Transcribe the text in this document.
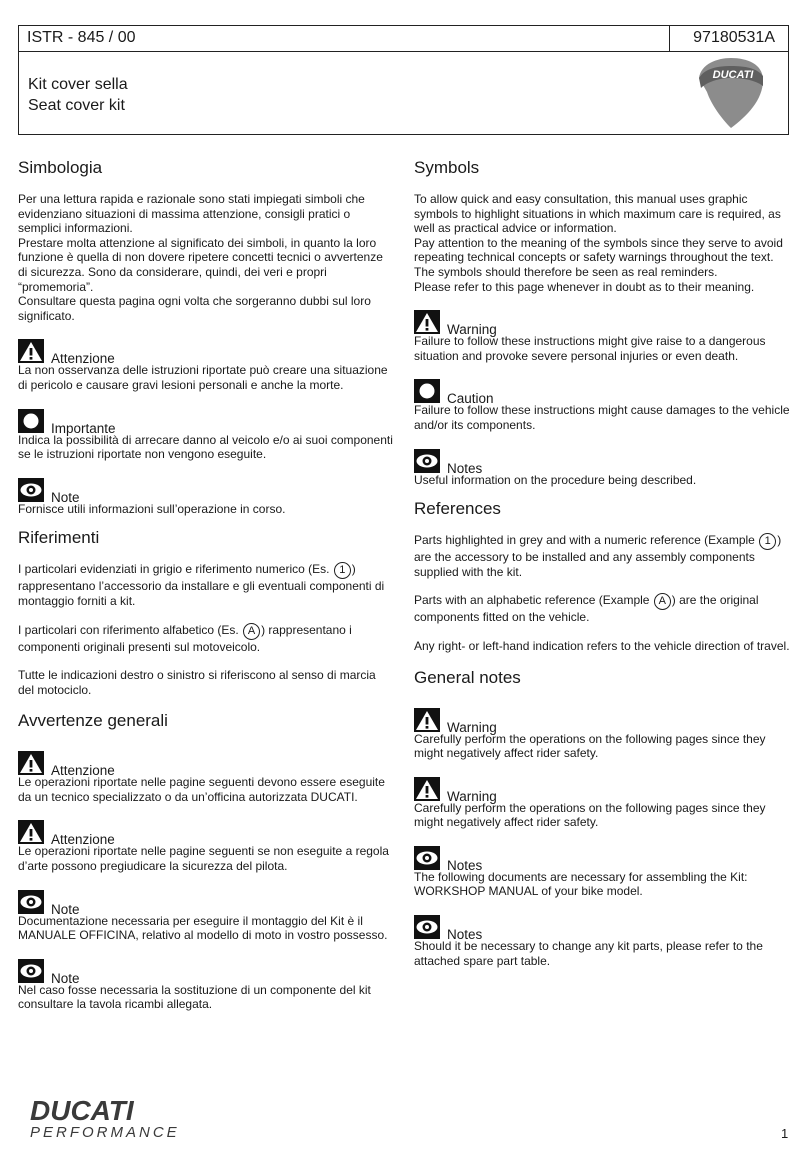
ISTR - 845 / 00	97180531A
Kit cover sella
Seat cover kit
DUCATI
Simbologia

Per una lettura rapida e razionale sono stati impiegati simboli che evidenziano situazioni di massima attenzione, consigli pratici o semplici informazioni.

Prestare molta attenzione al significato dei simboli, in quanto la loro funzione è quella di non dovere ripetere concetti tecnici o avvertenze di sicurezza. Sono da considerare, quindi, dei veri e propri “promemoria”.

Consultare questa pagina ogni volta che sorgeranno dubbi sul loro significato.

Attenzione

La non osservanza delle istruzioni riportate può creare una situazione di pericolo e causare gravi lesioni personali e anche la morte.

Importante

Indica la possibilità di arrecare danno al veicolo e/o ai suoi componenti se le istruzioni riportate non vengono eseguite.

Note

Fornisce utili informazioni sull’operazione in corso.

Riferimenti

I particolari evidenziati in grigio e riferimento numerico (Es. 1 ) rappresentano l’accessorio da installare e gli eventuali componenti di montaggio forniti a kit.

I particolari con riferimento alfabetico (Es. A ) rappresentano i componenti originali presenti sul motoveicolo.

Tutte le indicazioni destro o sinistro si riferiscono al senso di marcia del motociclo.

Avvertenze generali
Attenzione

Le operazioni riportate nelle pagine seguenti devono essere eseguite da un tecnico specializzato o da un’officina autorizzata DUCATI.

Attenzione

Le operazioni riportate nelle pagine seguenti se non eseguite a regola d’arte possono pregiudicare la sicurezza del pilota.

Note

Documentazione necessaria per eseguire il montaggio del Kit è il MANUALE OFFICINA, relativo al modello di moto in vostro possesso.

Note

Nel caso fosse necessaria la sostituzione di un componente del kit consultare la tavola ricambi allegata.

Symbols

To allow quick and easy consultation, this manual uses graphic symbols to highlight situations in which maximum care is required, as well as practical advice or information.

Pay attention to the meaning of the symbols since they serve to avoid repeating technical concepts or safety warnings throughout the text. The symbols should therefore be seen as real reminders.

Please refer to this page whenever in doubt as to their meaning.

Warning

Failure to follow these instructions might give raise to a dangerous situation and provoke severe personal injuries or even death.

Caution

Failure to follow these instructions might cause damages to the vehicle and/or its components.

Notes

Useful information on the procedure being described.

References

Parts highlighted in grey and with a numeric reference (Example 1 ) are the accessory to be installed and any assembly components supplied with the kit.

Parts with an alphabetic reference (Example A ) are the original components fitted on the vehicle.

Any right- or left-hand indication refers to the vehicle direction of travel.

General notes
Warning

Carefully perform the operations on the following pages since they might negatively affect rider safety.

Warning

Carefully perform the operations on the following pages since they might negatively affect rider safety.

Notes

The following documents are necessary for assembling the Kit: WORKSHOP MANUAL of your bike model.

Notes

Should it be necessary to change any kit parts, please refer to the attached spare part table.

DUCATI
PERFORMANCE	1
